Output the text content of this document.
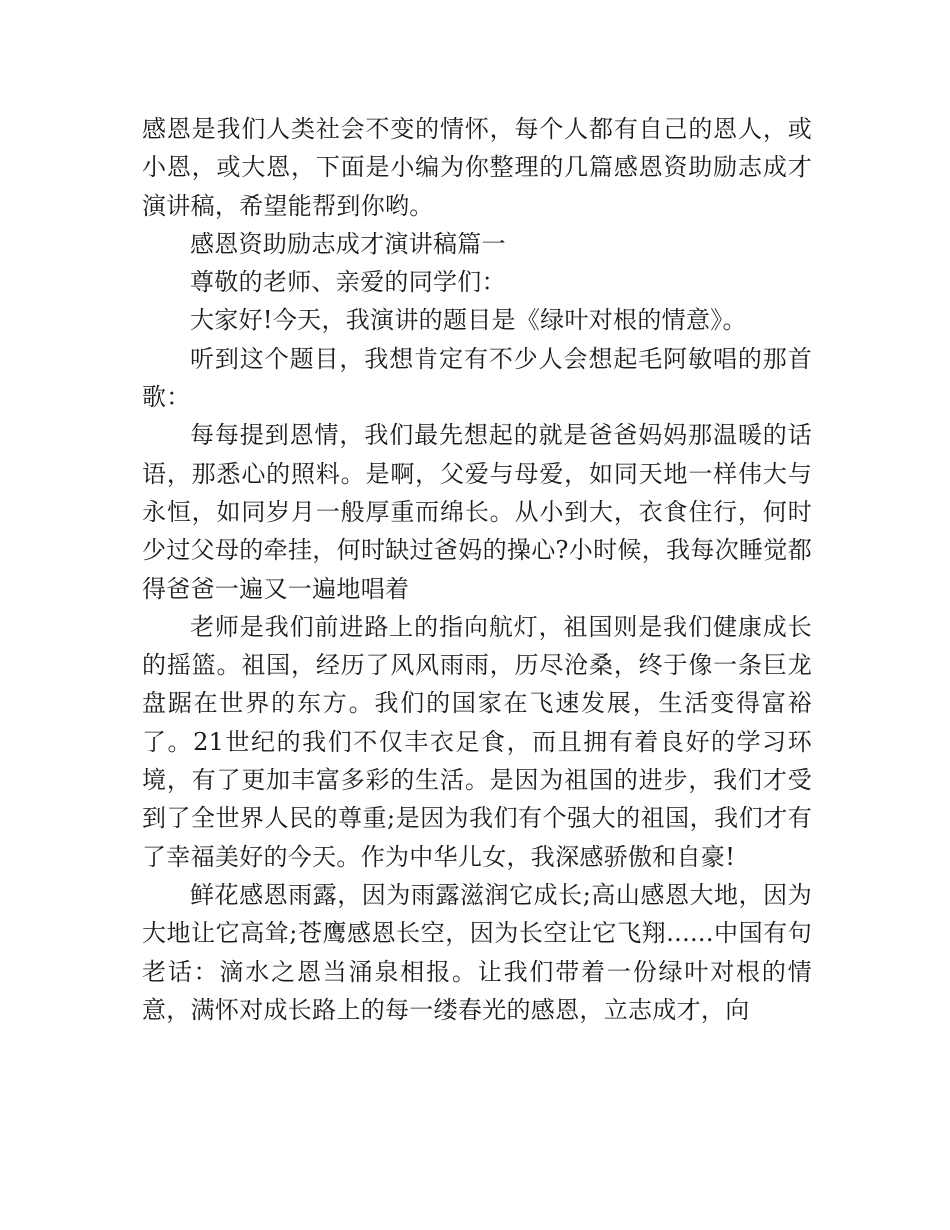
感恩是我们人类社会不变的情怀，每个人都有自己的恩人，或小恩，或大恩，下面是小编为你整理的几篇感恩资助励志成才演讲稿，希望能帮到你哟。

感恩资助励志成才演讲稿篇一

尊敬的老师、亲爱的同学们：

大家好!今天，我演讲的题目是《绿叶对根的情意》。

听到这个题目，我想肯定有不少人会想起毛阿敏唱的那首歌：

每每提到恩情，我们最先想起的就是爸爸妈妈那温暖的话语，那悉心的照料。是啊，父爱与母爱，如同天地一样伟大与永恒，如同岁月一般厚重而绵长。从小到大，衣食住行，何时少过父母的牵挂，何时缺过爸妈的操心?小时候，我每次睡觉都得爸爸一遍又一遍地唱着

老师是我们前进路上的指向航灯，祖国则是我们健康成长的摇篮。祖国，经历了风风雨雨，历尽沧桑，终于像一条巨龙盘踞在世界的东方。我们的国家在飞速发展，生活变得富裕了。21世纪的我们不仅丰衣足食，而且拥有着良好的学习环境，有了更加丰富多彩的生活。是因为祖国的进步，我们才受到了全世界人民的尊重;是因为我们有个强大的祖国，我们才有了幸福美好的今天。作为中华儿女，我深感骄傲和自豪!

鲜花感恩雨露，因为雨露滋润它成长;高山感恩大地，因为大地让它高耸;苍鹰感恩长空，因为长空让它飞翔......中国有句老话：滴水之恩当涌泉相报。让我们带着一份绿叶对根的情意，满怀对成长路上的每一缕春光的感恩，立志成才，向
